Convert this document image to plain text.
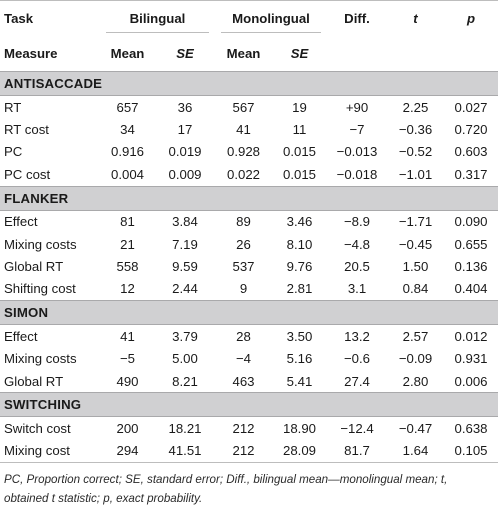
Task	Bilingual		Monolingual		Diff.	t	p
Measure	Mean	SE	Mean	SE			
ANTISACCADE							
RT	657	36	567	19	+90	2.25	0.027
RT cost	34	17	41	11	−7	−0.36	0.720
PC	0.916	0.019	0.928	0.015	−0.013	−0.52	0.603
PC cost	0.004	0.009	0.022	0.015	−0.018	−1.01	0.317
FLANKER							
Effect	81	3.84	89	3.46	−8.9	−1.71	0.090
Mixing costs	21	7.19	26	8.10	−4.8	−0.45	0.655
Global RT	558	9.59	537	9.76	20.5	1.50	0.136
Shifting cost	12	2.44	9	2.81	3.1	0.84	0.404
SIMON							
Effect	41	3.79	28	3.50	13.2	2.57	0.012
Mixing costs	−5	5.00	−4	5.16	−0.6	−0.09	0.931
Global RT	490	8.21	463	5.41	27.4	2.80	0.006
SWITCHING							
Switch cost	200	18.21	212	18.90	−12.4	−0.47	0.638
Mixing cost	294	41.51	212	28.09	81.7	1.64	0.105
PC, Proportion correct; SE, standard error; Diff., bilingual mean—monolingual mean; t, obtained t statistic; p, exact probability.
